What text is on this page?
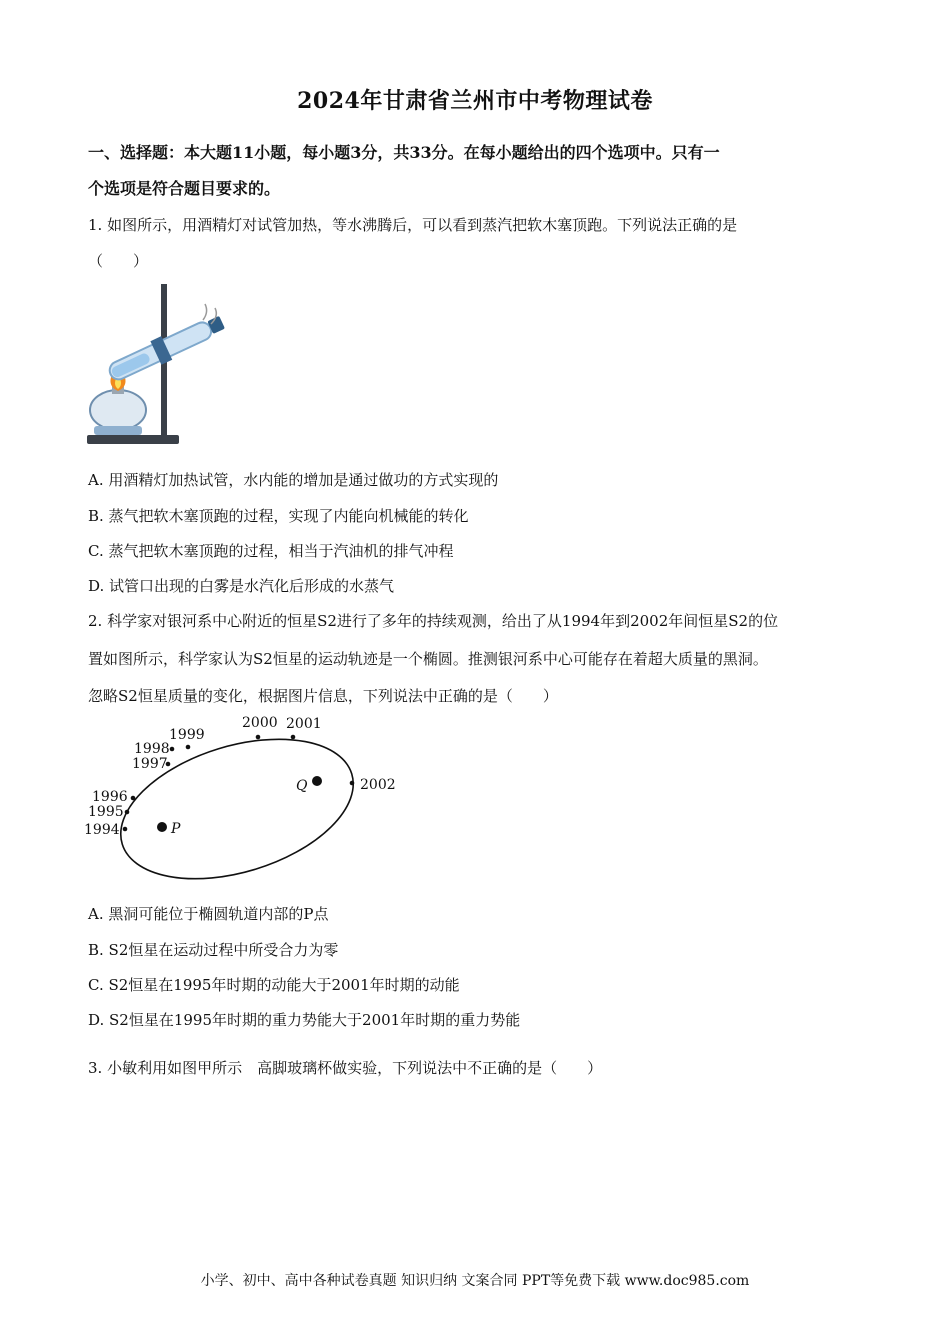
2024年甘肃省兰州市中考物理试卷
一、选择题：本大题11小题，每小题3分，共33分。在每小题给出的四个选项中。只有一
个选项是符合题目要求的。
1. 如图所示，用酒精灯对试管加热，等水沸腾后，可以看到蒸汽把软木塞顶跑。下列说法正确的是
（　　）
A. 用酒精灯加热试管，水内能的增加是通过做功的方式实现的
B. 蒸气把软木塞顶跑的过程，实现了内能向机械能的转化
C. 蒸气把软木塞顶跑的过程，相当于汽油机的排气冲程
D. 试管口出现的白雾是水汽化后形成的水蒸气
2. 科学家对银河系中心附近的恒星S2进行了多年的持续观测，给出了从1994年到2002年间恒星S2的位
置如图所示，科学家认为S2恒星的运动轨迹是一个椭圆。推测银河系中心可能存在着超大质量的黑洞。
忽略S2恒星质量的变化，根据图片信息，下列说法中正确的是（　　）
1994
1995
1996
1997
1998
1999
2000 2001
2002
P
Q
A. 黑洞可能位于椭圆轨道内部的P点
B. S2恒星在运动过程中所受合力为零
C. S2恒星在1995年时期的动能大于2001年时期的动能
D. S2恒星在1995年时期的重力势能大于2001年时期的重力势能
3. 小敏利用如图甲所示　高脚玻璃杯做实验，下列说法中不正确的是（　　）
小学、初中、高中各种试卷真题 知识归纳 文案合同 PPT等免费下载 www.doc985.com
